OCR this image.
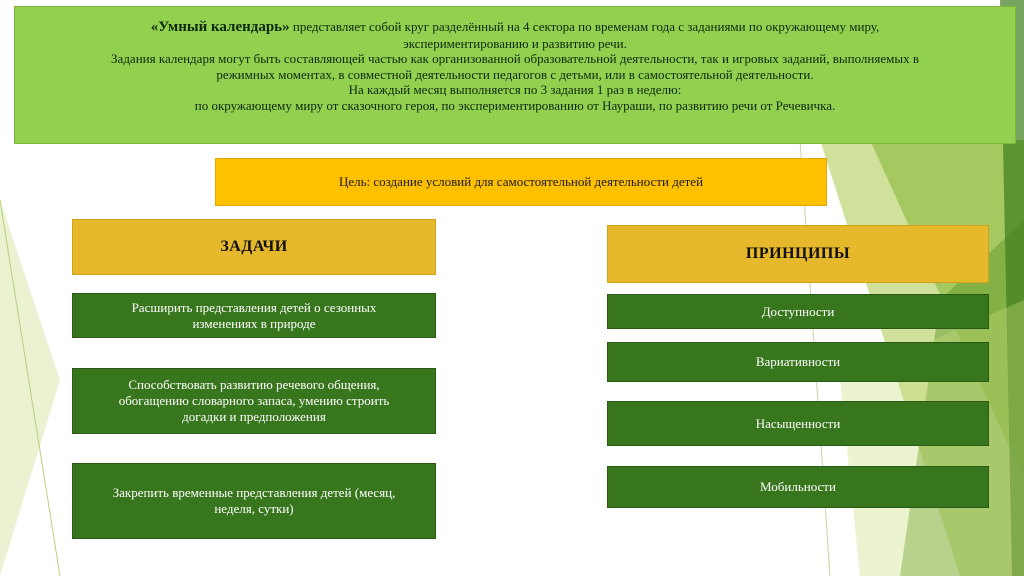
«Умный календарь» представляет собой круг разделённый на 4 сектора по временам года с заданиями по окружающему миру,
экспериментированию и развитию речи.
Задания календаря могут быть составляющей частью как организованной образовательной деятельности, так и игровых заданий, выполняемых в
режимных моментах, в совместной деятельности педагогов с детьми, или в самостоятельной деятельности.
На каждый месяц выполняется по 3 задания 1 раз в неделю:
по окружающему миру от сказочного героя, по экспериментированию от Наураши, по развитию речи от Речевичка.
Цель: создание условий для самостоятельной деятельности детей
ЗАДАЧИ	ПРИНЦИПЫ
Расширить представления детей о сезонных изменениях в природе
Способствовать развитию речевого общения, обогащению словарного запаса, умению строить догадки и предположения
Закрепить временные представления детей (месяц, неделя, сутки)
Доступности
Вариативности
Насыщенности
Мобильности
